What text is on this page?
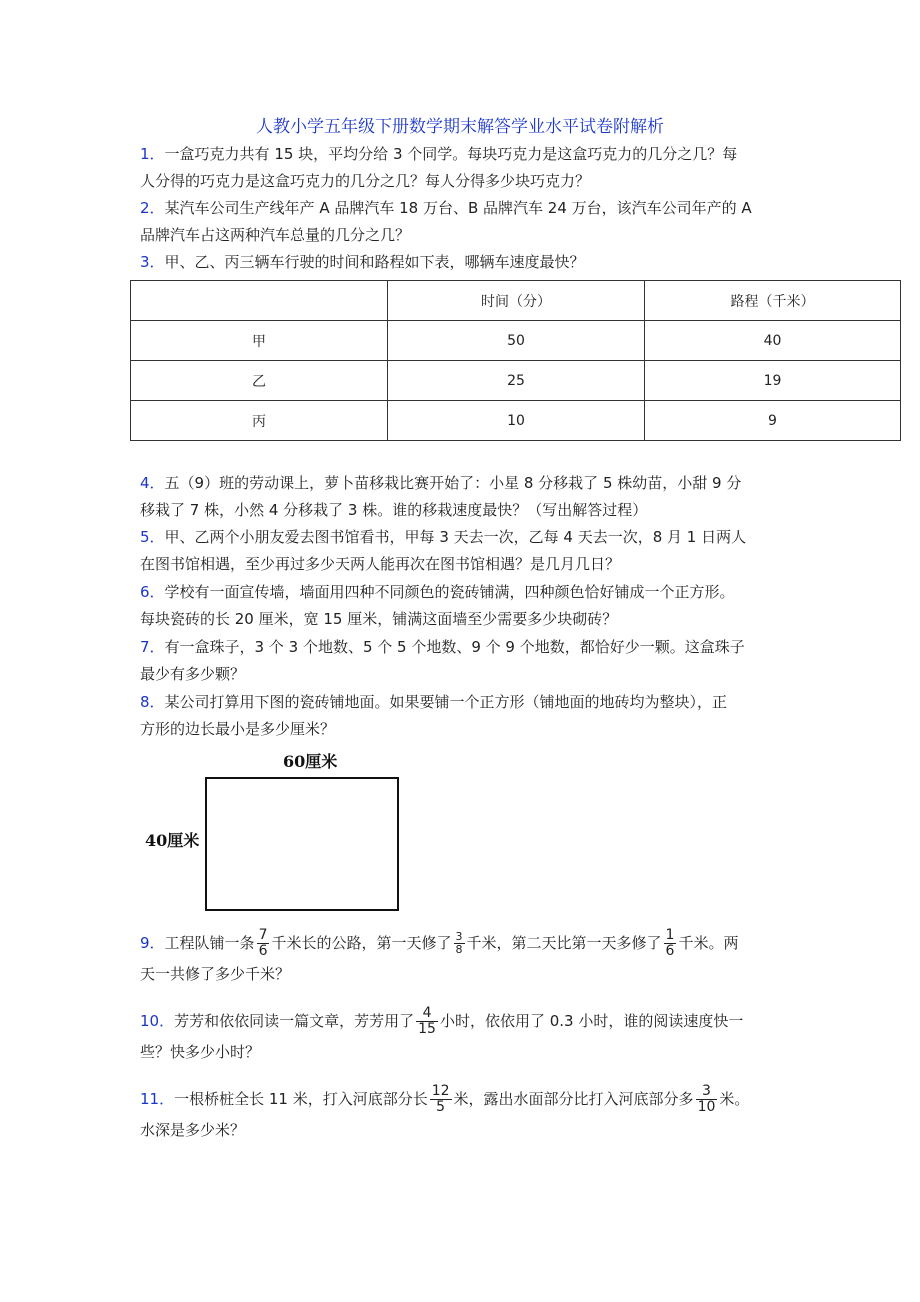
人教小学五年级下册数学期末解答学业水平试卷附解析
1．一盒巧克力共有 15 块，平均分给 3 个同学。每块巧克力是这盒巧克力的几分之几？每
人分得的巧克力是这盒巧克力的几分之几？每人分得多少块巧克力？
2．某汽车公司生产线年产 A 品牌汽车 18 万台、B 品牌汽车 24 万台，该汽车公司年产的 A
品牌汽车占这两种汽车总量的几分之几？
3．甲、乙、丙三辆车行驶的时间和路程如下表，哪辆车速度最快？
	时间（分）	路程（千米）
甲	50	40
乙	25	19
丙	10	9
4．五（9）班的劳动课上，萝卜苗移栽比赛开始了：小星 8 分移栽了 5 株幼苗，小甜 9 分
移栽了 7 株，小然 4 分移栽了 3 株。谁的移栽速度最快？（写出解答过程）
5．甲、乙两个小朋友爱去图书馆看书，甲每 3 天去一次，乙每 4 天去一次，8 月 1 日两人
在图书馆相遇，至少再过多少天两人能再次在图书馆相遇？是几月几日？
6．学校有一面宣传墙，墙面用四种不同颜色的瓷砖铺满，四种颜色恰好铺成一个正方形。
每块瓷砖的长 20 厘米，宽 15 厘米，铺满这面墙至少需要多少块砌砖？
7．有一盒珠子，3 个 3 个地数、5 个 5 个地数、9 个 9 个地数，都恰好少一颗。这盒珠子
最少有多少颗？
8．某公司打算用下图的瓷砖铺地面。如果要铺一个正方形（铺地面的地砖均为整块），正
方形的边长最小是多少厘米？
60厘米
40厘米
9．工程队铺一条 $\frac{7}{6}$ 千米长的公路，第一天修了 $\frac{3}{8}$ 千米，第二天比第一天多修了 $\frac{1}{6}$ 千米。两
天一共修了多少千米？
10．芳芳和依依同读一篇文章，芳芳用了 $\frac{4}{15}$ 小时，依依用了 0.3 小时，谁的阅读速度快一
些？快多少小时？
11．一根桥桩全长 11 米，打入河底部分长 $\frac{12}{5}$ 米，露出水面部分比打入河底部分多 $\frac{3}{10}$ 米。
水深是多少米？
